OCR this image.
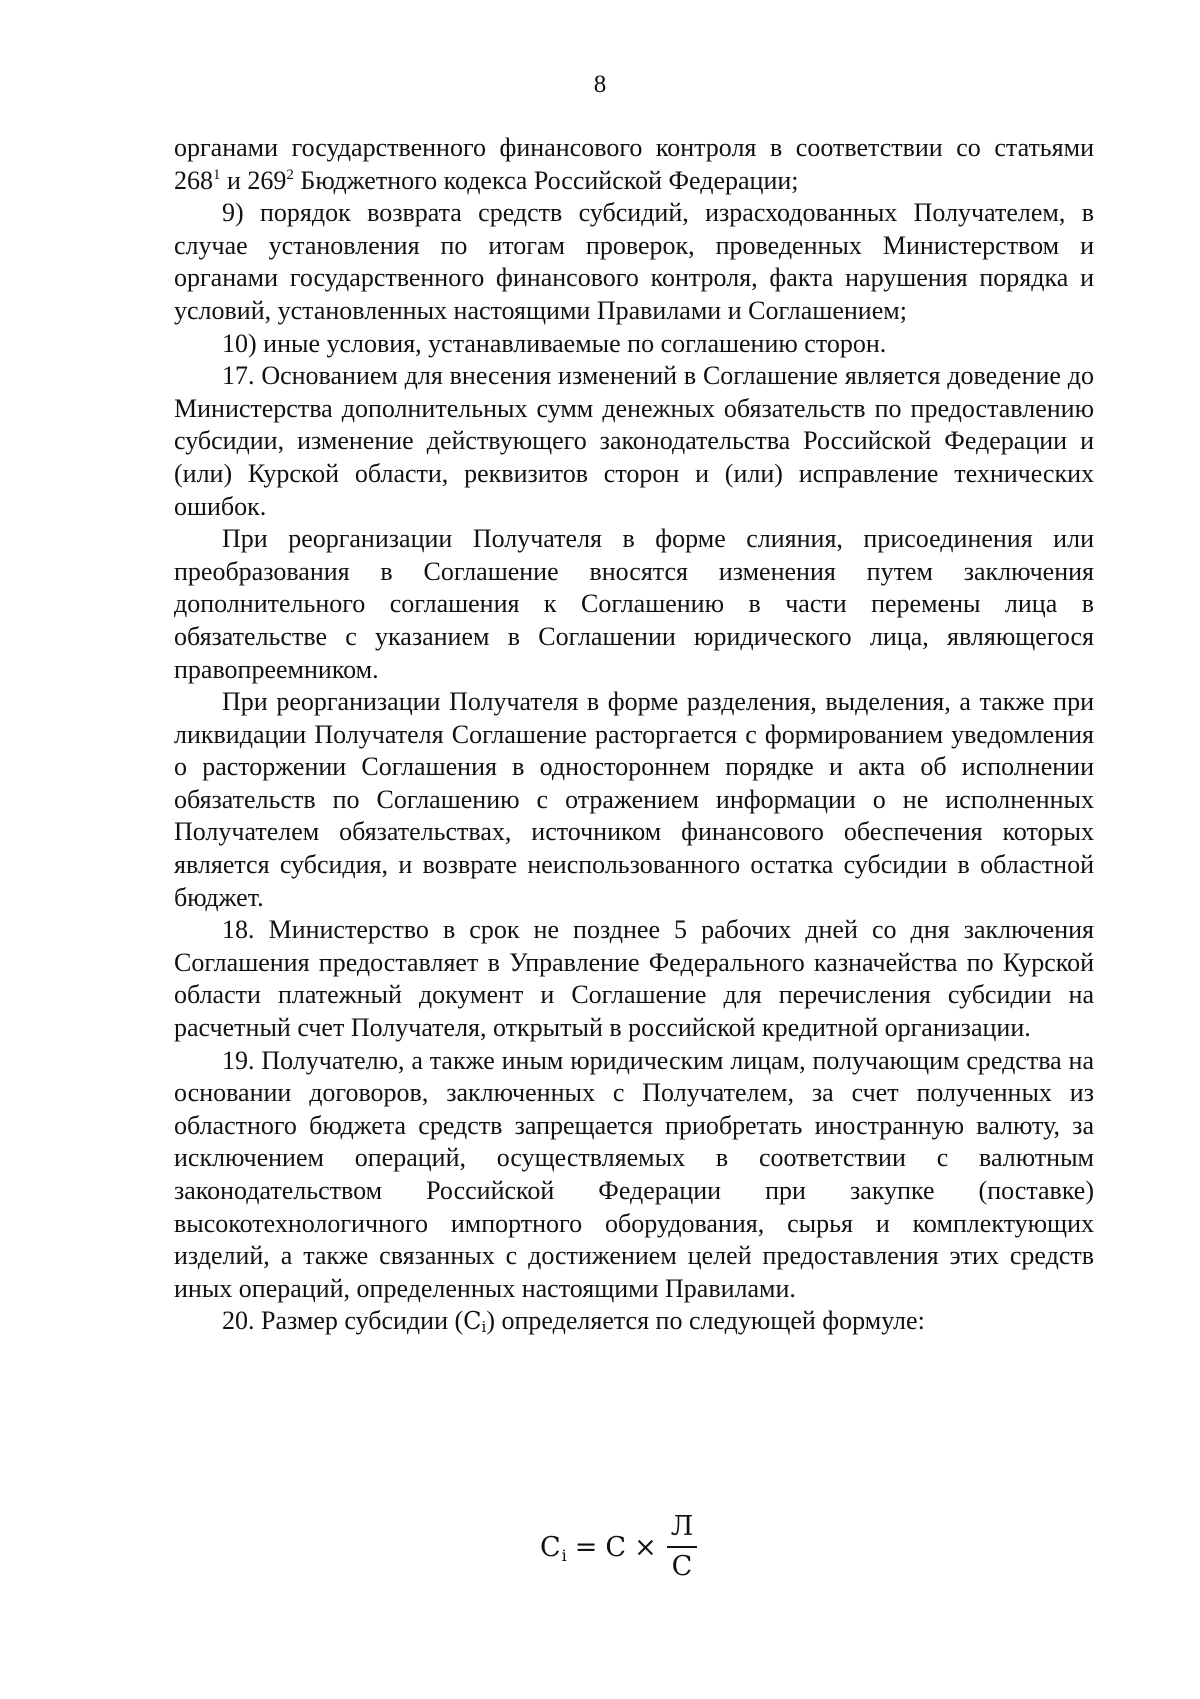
8

органами государственного финансового контроля в соответствии со статьями $268^1$ и $269^2$ Бюджетного кодекса Российской Федерации;

9) порядок возврата средств субсидий, израсходованных Получателем, в случае установления по итогам проверок, проведенных Министерством и органами государственного финансового контроля, факта нарушения порядка и условий, установленных настоящими Правилами и Соглашением;

10) иные условия, устанавливаемые по соглашению сторон.

17. Основанием для внесения изменений в Соглашение является доведение до Министерства дополнительных сумм денежных обязательств по предоставлению субсидии, изменение действующего законодательства Российской Федерации и (или) Курской области, реквизитов сторон и (или) исправление технических ошибок.

При реорганизации Получателя в форме слияния, присоединения или преобразования в Соглашение вносятся изменения путем заключения дополнительного соглашения к Соглашению в части перемены лица в обязательстве с указанием в Соглашении юридического лица, являющегося правопреемником.

При реорганизации Получателя в форме разделения, выделения, а также при ликвидации Получателя Соглашение расторгается с формированием уведомления о расторжении Соглашения в одностороннем порядке и акта об исполнении обязательств по Соглашению с отражением информации о не исполненных Получателем обязательствах, источником финансового обеспечения которых является субсидия, и возврате неиспользованного остатка субсидии в областной бюджет.

18. Министерство в срок не позднее 5 рабочих дней со дня заключения Соглашения предоставляет в Управление Федерального казначейства по Курской области платежный документ и Соглашение для перечисления субсидии на расчетный счет Получателя, открытый в российской кредитной организации.

19. Получателю, а также иным юридическим лицам, получающим средства на основании договоров, заключенных с Получателем, за счет полученных из областного бюджета средств запрещается приобретать иностранную валюту, за исключением операций, осуществляемых в соответствии с валютным законодательством Российской Федерации при закупке (поставке) высокотехнологичного импортного оборудования, сырья и комплектующих изделий, а также связанных с достижением целей предоставления этих средств иных операций, определенных настоящими Правилами.

20. Размер субсидии $(C_i)$ определяется по следующей формуле:

C $i = C \times \frac{Л}{С}$
